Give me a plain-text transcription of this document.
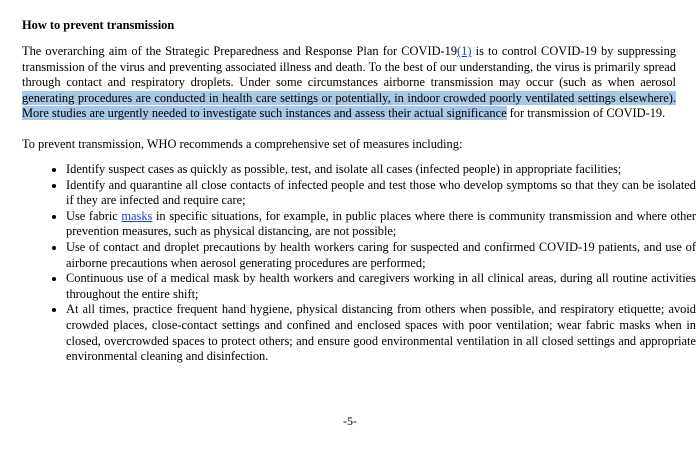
How to prevent transmission
The overarching aim of the Strategic Preparedness and Response Plan for COVID-19(1) is to control COVID-19 by suppressing transmission of the virus and preventing associated illness and death. To the best of our understanding, the virus is primarily spread through contact and respiratory droplets. Under some circumstances airborne transmission may occur (such as when aerosol generating procedures are conducted in health care settings or potentially, in indoor crowded poorly ventilated settings elsewhere). More studies are urgently needed to investigate such instances and assess their actual significance for transmission of COVID-19.
To prevent transmission, WHO recommends a comprehensive set of measures including:
• Identify suspect cases as quickly as possible, test, and isolate all cases (infected people) in appropriate facilities;
• Identify and quarantine all close contacts of infected people and test those who develop symptoms so that they can be isolated if they are infected and require care;
• Use fabric masks in specific situations, for example, in public places where there is community transmission and where other prevention measures, such as physical distancing, are not possible;
• Use of contact and droplet precautions by health workers caring for suspected and confirmed COVID-19 patients, and use of airborne precautions when aerosol generating procedures are performed;
• Continuous use of a medical mask by health workers and caregivers working in all clinical areas, during all routine activities throughout the entire shift;
• At all times, practice frequent hand hygiene, physical distancing from others when possible, and respiratory etiquette; avoid crowded places, close-contact settings and confined and enclosed spaces with poor ventilation; wear fabric masks when in closed, overcrowded spaces to protect others; and ensure good environmental ventilation in all closed settings and appropriate environmental cleaning and disinfection.
-5-
